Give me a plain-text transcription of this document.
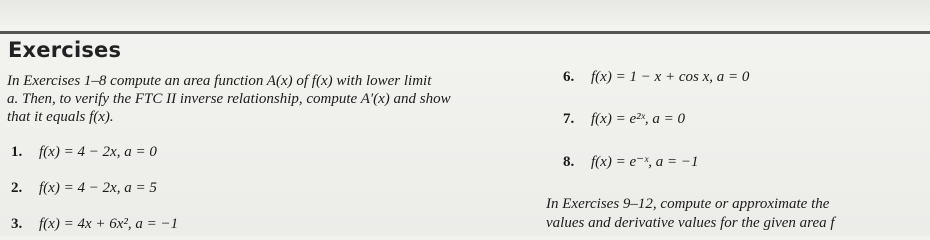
Exercises
In Exercises 1–8 compute an area function A(x) of f(x) with lower limit
a. Then, to verify the FTC II inverse relationship, compute A′(x) and show
that it equals f(x).
1. f(x) = 4 − 2x, a = 0
2. f(x) = 4 − 2x, a = 5
3. f(x) = 4x + 6x², a = −1
6. f(x) = 1 − x + cos x, a = 0
7. f(x) = e²ˣ, a = 0
8. f(x) = e⁻ˣ, a = −1
In Exercises 9–12, compute or approximate the
values and derivative values for the given area f
